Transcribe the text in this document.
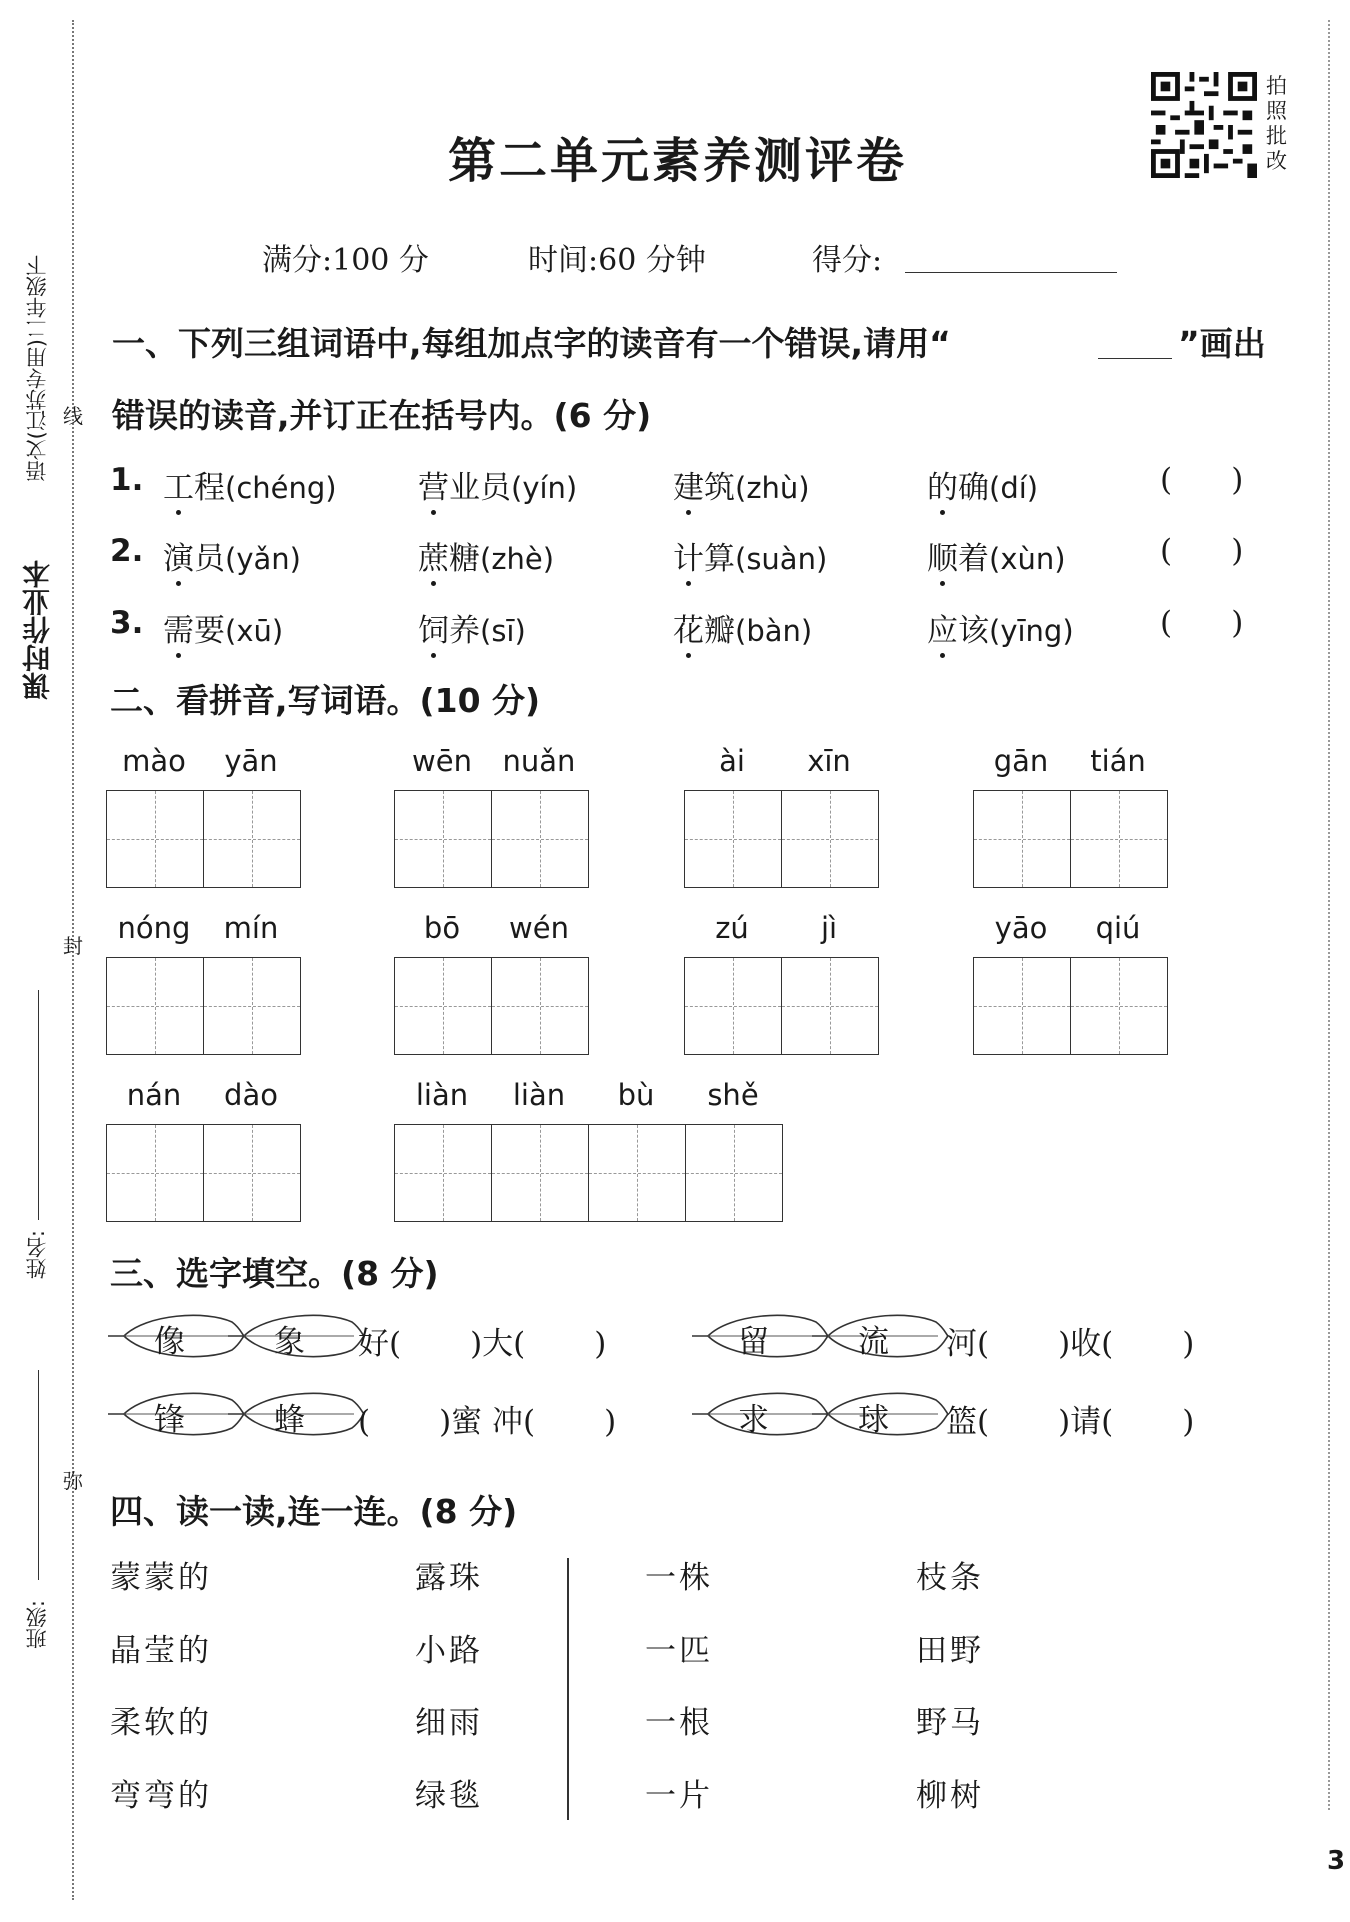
课时作业本
语文(江苏专用)二年级下 线
封
弥
姓名:
班级:
第二单元素养测评卷
拍
照
批
改
满分:100 分	时间:60 分钟	得分:
一、下列三组词语中,每组加点字的读音有一个错误,请用“	”画出
错误的读音,并订正在括号内。(6 分)
1. 工程(chéng)	营业员(yín)	建筑(zhù)	的确(dí)	(      )
2. 演员(yǎn)	蔗糖(zhè)	计算(suàn)	顺着(xùn)	(      )
3. 需要(xū)	饲养(sī)	花瓣(bàn)	应该(yīng)	(      )
二、看拼音,写词语。(10 分)
mào	yān	wēn	nuǎn	ài	xīn	gān	tián
nóng	mín	bō	wén	zú	jì	yāo	qiú
nán	dào	liàn	liàn	bù	shě
三、选字填空。(8 分)
像	象 好(       )大(       )	留	流 河(       )收(       )
锋	蜂 (       )蜜 冲(       )	求	球 篮(       )请(       )
四、读一读,连一连。(8 分)
蒙蒙的
晶莹的
柔软的
弯弯的
露珠
小路
细雨
绿毯
一株
一匹
一根
一片
枝条
田野
野马
柳树
3
